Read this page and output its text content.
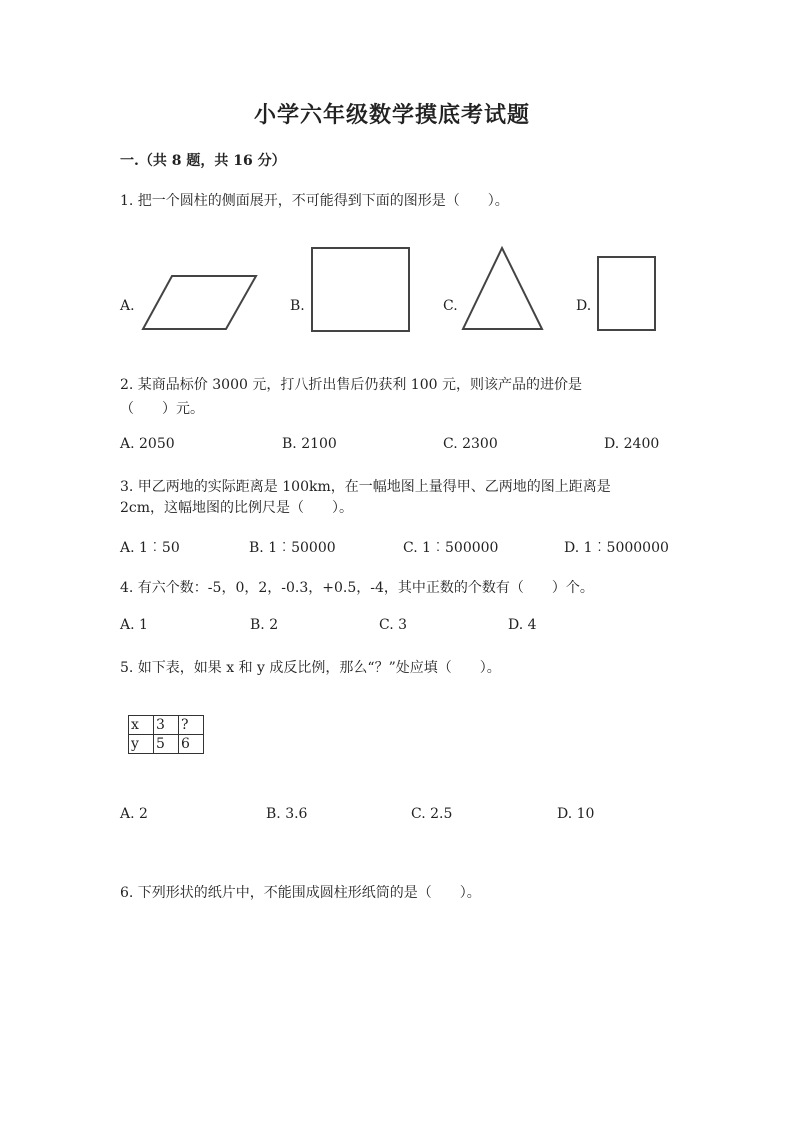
小学六年级数学摸底考试题
一.（共 8 题，共 16 分）
1. 把一个圆柱的侧面展开，不可能得到下面的图形是（　　）。
A.	B.	C.	D.
2. 某商品标价 3000 元，打八折出售后仍获利 100 元，则该产品的进价是
（　　）元。
A. 2050	B. 2100	C. 2300	D. 2400
3. 甲乙两地的实际距离是 100km，在一幅地图上量得甲、乙两地的图上距离是
2cm，这幅地图的比例尺是（　　）。
A. 1︰50	B. 1︰50000	C. 1︰500000	D. 1︰5000000
4. 有六个数：-5，0，2，-0.3，+0.5，-4，其中正数的个数有（　　）个。
A. 1	B. 2	C. 3	D. 4
5. 如下表，如果 x 和 y 成反比例，那么“？”处应填（　　）。
x	3	?
y	5	6
A. 2	B. 3.6	C. 2.5	D. 10
6. 下列形状的纸片中，不能围成圆柱形纸筒的是（　　）。
